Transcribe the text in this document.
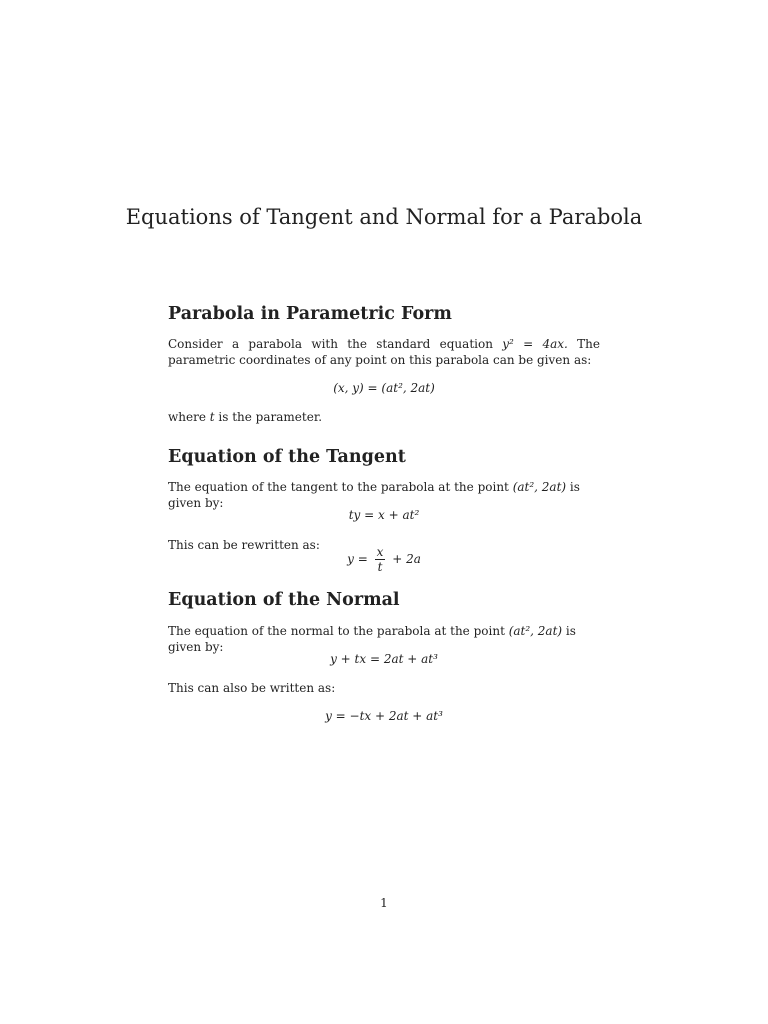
Equations of Tangent and Normal for a Parabola
Parabola in Parametric Form
Consider a parabola with the standard equation y² = 4ax. The parametric coordinates of any point on this parabola can be given as:
(x, y) = (at², 2at)
where t is the parameter.
Equation of the Tangent
The equation of the tangent to the parabola at the point (at², 2at) is given by:
ty = x + at²
This can be rewritten as:
$y = \frac{x}{t} + 2a$
Equation of the Normal
The equation of the normal to the parabola at the point (at², 2at) is given by:
y + tx = 2at + at³
This can also be written as:
y = −tx + 2at + at³
1
